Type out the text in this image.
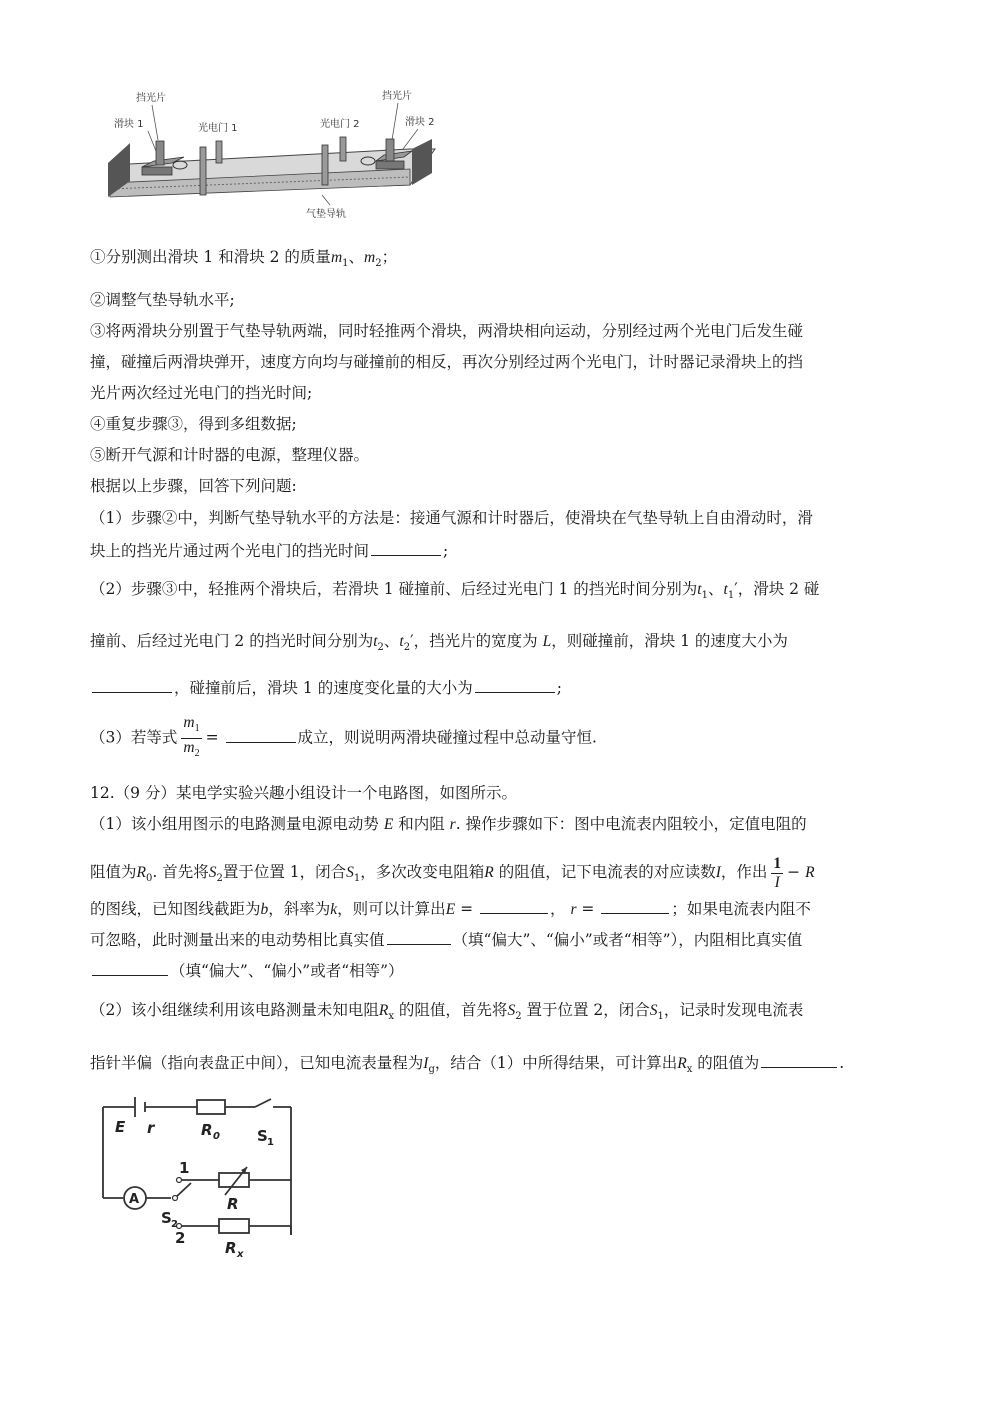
挡光片
滑块 1	光电门 1	光电门 2
挡光片
滑块 2
气垫导轨
①分别测出滑块 1 和滑块 2 的质量$m_1$、$m_2$；
②调整气垫导轨水平;
③将两滑块分别置于气垫导轨两端，同时轻推两个滑块，两滑块相向运动，分别经过两个光电门后发生碰
撞，碰撞后两滑块弹开，速度方向均与碰撞前的相反，再次分别经过两个光电门，计时器记录滑块上的挡
光片两次经过光电门的挡光时间;
④重复步骤③，得到多组数据;
⑤断开气源和计时器的电源，整理仪器。
根据以上步骤，回答下列问题:
（1）步骤②中，判断气垫导轨水平的方法是：接通气源和计时器后，使滑块在气垫导轨上自由滑动时，滑
块上的挡光片通过两个光电门的挡光时间	;
（2）步骤③中，轻推两个滑块后，若滑块 1 碰撞前、后经过光电门 1 的挡光时间分别为$t_1$、$t_1'$，滑块 2 碰
撞前、后经过光电门 2 的挡光时间分别为$t_2$、$t_2'$，挡光片的宽度为 L，则碰撞前，滑块 1 的速度大小为
，碰撞前后，滑块 1 的速度变化量的大小为	;
（3）若等式 $\frac{m_1}{m_2}$ =	成立，则说明两滑块碰撞过程中总动量守恒.
12.（9 分）某电学实验兴趣小组设计一个电路图，如图所示。
（1）该小组用图示的电路测量电源电动势 E 和内阻 r. 操作步骤如下：图中电流表内阻较小，定值电阻的
阻值为$R_0$. 首先将$S_2$置于位置 1，闭合$S_1$，多次改变电阻箱R 的阻值，记下电流表的对应读数I，作出 $\frac{1}{I} - R$
的图线，已知图线截距为b，斜率为k，则可以计算出E =	， r =	；如果电流表内阻不
可忽略，此时测量出来的电动势相比真实值	（填“偏大”、“偏小”或者“相等”），内阻相比真实值
（填“偏大”、“偏小”或者“相等”）
（2）该小组继续利用该电路测量未知电阻$R_x$ 的阻值，首先将$S_2$ 置于位置 2，闭合$S_1$，记录时发现电流表
指针半偏（指向表盘正中间），已知电流表量程为$I_g$，结合（1）中所得结果，可计算出$R_x$ 的阻值为	.
E r	R 0 S 1
1
R
A
S 2
2
R x
